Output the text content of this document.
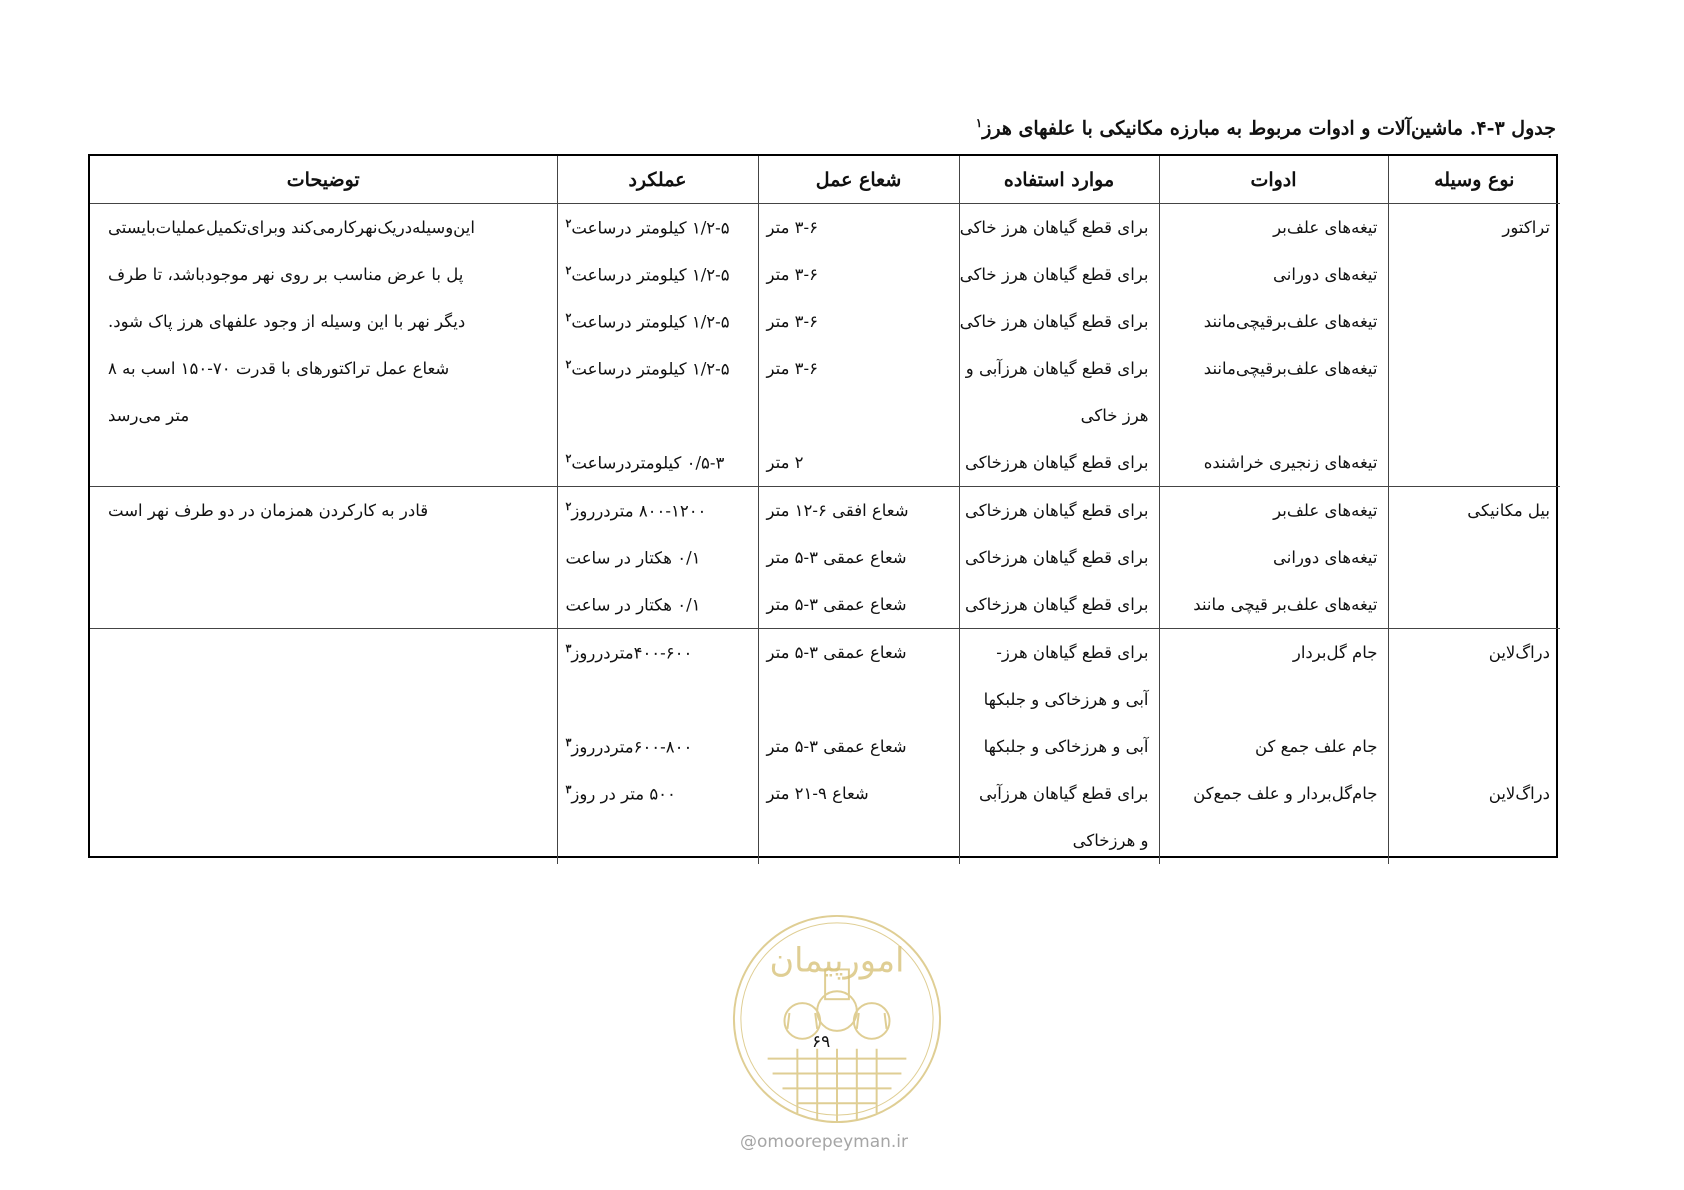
جدول ۳-۴. ماشین‌آلات و ادوات مربوط به مبارزه مکانیکی با علفهای هرز$^۱$
نوع وسیله	ادوات	موارد استفاده	شعاع عمل	عملکرد	توضیحات
تراکتور	تیغه‌های علف‌بر	برای قطع گیاهان هرز خاکی	۳-۶ متر	۱/۲-۵ کیلومتر درساعت$^۲$	این‌وسیله‌دریک‌نهرکارمی‌کند و‌برای‌تکمیل‌عملیات‌بایستی
	تیغه‌های دورانی	برای قطع گیاهان هرز خاکی	۳-۶ متر	۱/۲-۵ کیلومتر درساعت$^۲$	پل با عرض مناسب بر روی نهر موجودباشد، تا طرف
	تیغه‌های علف‌برقیچی‌مانند	برای قطع گیاهان هرز خاکی	۳-۶ متر	۱/۲-۵ کیلومتر درساعت$^۲$	دیگر نهر با این وسیله از وجود علفهای هرز پاک شود.
	تیغه‌های علف‌برقیچی‌مانند	برای قطع گیاهان هرزآبی و	۳-۶ متر	۱/۲-۵ کیلومتر درساعت$^۲$	شعاع عمل تراکتورهای با قدرت ۷۰-۱۵۰ اسب به ۸
		هرز خاکی			متر می‌رسد
	تیغه‌های زنجیری خراشنده	برای قطع گیاهان هرزخاکی	۲ متر	۰/۵-۳ کیلومتردرساعت$^۲$	
بیل مکانیکی	تیغه‌های علف‌بر	برای قطع گیاهان هرزخاکی	شعاع افقی ۶-۱۲ متر	۸۰۰-۱۲۰۰ متردرروز$^۲$	قادر به کارکردن همزمان در دو طرف نهر است
	تیغه‌های دورانی	برای قطع گیاهان هرزخاکی	شعاع عمقی ۳-۵ متر	۰/۱ هکتار در ساعت	
	تیغه‌های علف‌بر قیچی مانند	برای قطع گیاهان هرزخاکی	شعاع عمقی ۳-۵ متر	۰/۱ هکتار در ساعت	
دراگ‌لاین	جام گل‌بردار	برای قطع گیاهان هرز-	شعاع عمقی ۳-۵ متر	۴۰۰-۶۰۰متردرروز$^۳$	
		آبی و هرزخاکی و جلبکها			
	جام علف جمع کن	آبی و هرزخاکی و جلبکها	شعاع عمقی ۳-۵ متر	۶۰۰-۸۰۰متردرروز$^۳$	
دراگ‌لاین	جام‌گل‌بردار و علف جمع‌کن	برای قطع گیاهان هرزآبی	شعاع ۹-۲۱ متر	۵۰۰ متر در روز$^۳$	
		و هرزخاکی			
امورپیمان
۶۹
@omoorepeyman.ir
